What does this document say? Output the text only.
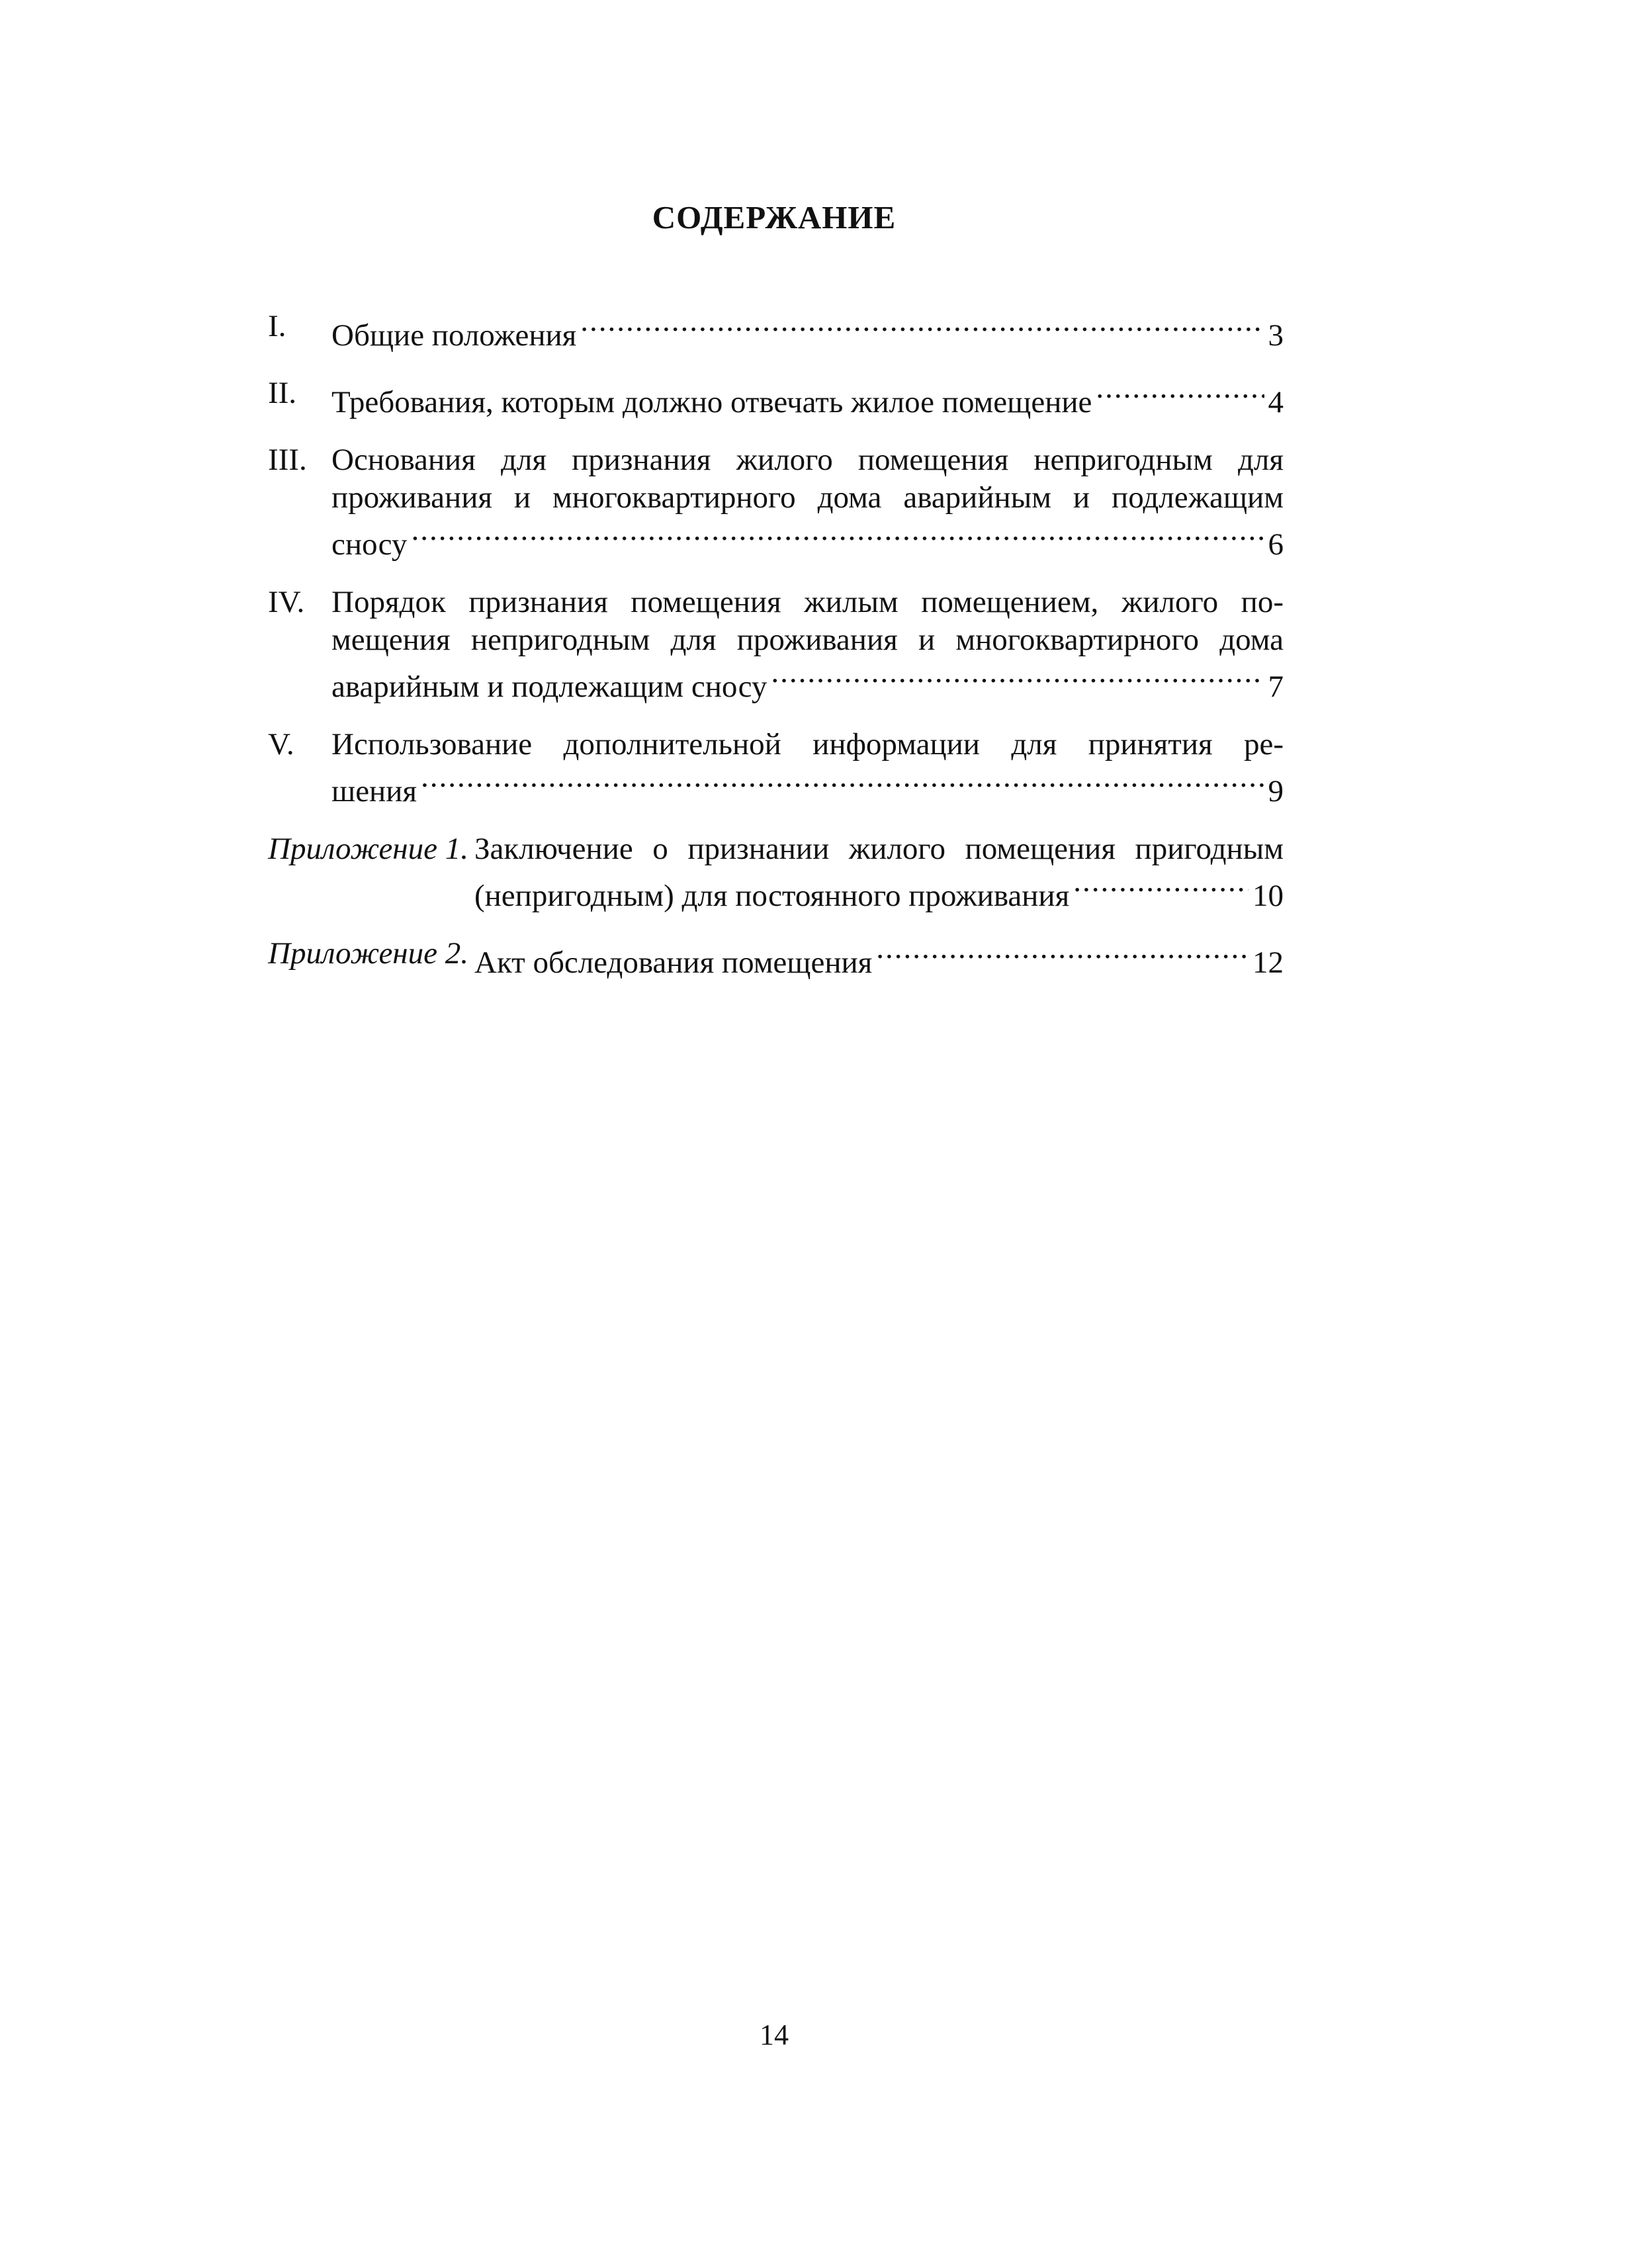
СОДЕРЖАНИЕ
I. Общие положения .....	3
II. Требования, которым должно отвечать жилое помещение .....	4
III. Основания для признания жилого помещения непригодным для
проживания и многоквартирного дома аварийным и подлежащим
сносу .....	6
IV. Порядок признания помещения жилым помещением, жилого по-
мещения непригодным для проживания и многоквартирного дома
аварийным и подлежащим сносу .....	7
V. Использование дополнительной информации для принятия ре-
шения .....	9
Приложение 1. Заключение о признании жилого помещения пригодным
(непригодным) для постоянного проживания .....	10
Приложение 2. Акт обследования помещения .....	12
14
